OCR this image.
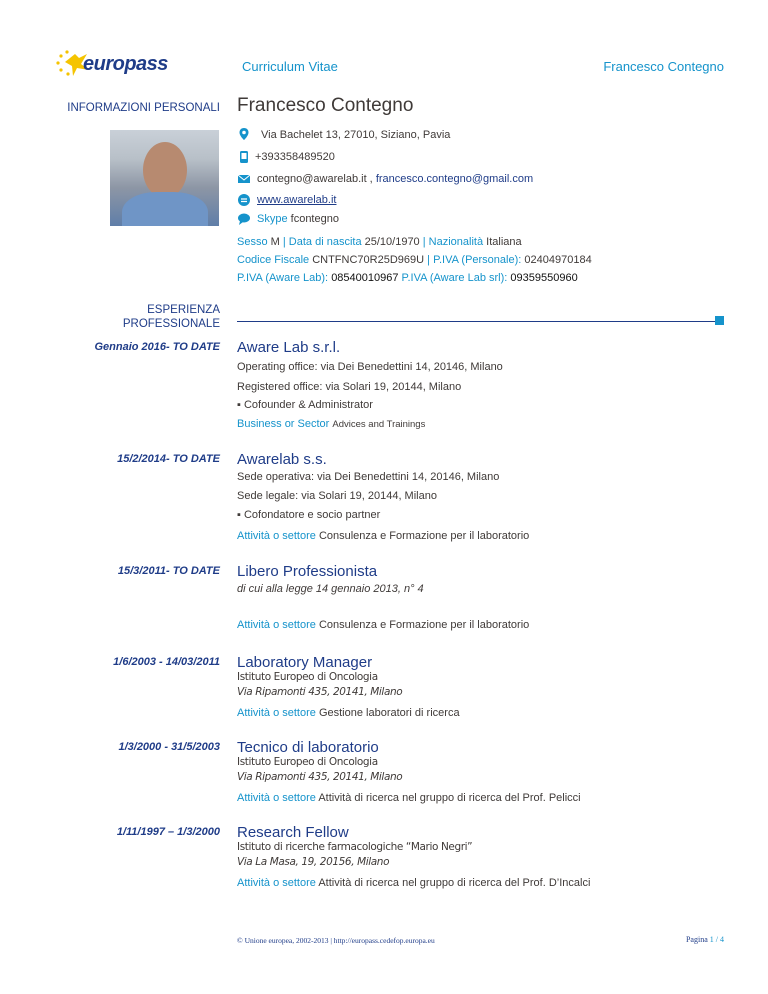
europass	Curriculum Vitae	Francesco Contegno
INFORMAZIONI PERSONALI Francesco Contegno
Via Bachelet 13, 27010, Siziano, Pavia
+393358489520
contegno@awarelab.it , francesco.contegno@gmail.com
www.awarelab.it
Skype fcontegno
Sesso M | Data di nascita 25/10/1970 | Nazionalità Italiana
Codice Fiscale CNTFNC70R25D969U | P.IVA (Personale): 02404970184
P.IVA (Aware Lab): 08540010967 P.IVA (Aware Lab srl): 09359550960
ESPERIENZA
PROFESSIONALE
Gennaio 2016- TO DATE Aware Lab s.r.l.
Operating office: via Dei Benedettini 14, 20146, Milano
Registered office: via Solari 19, 20144, Milano
▪ Cofounder & Administrator
Business or Sector Advices and Trainings
15/2/2014- TO DATE Awarelab s.s.
Sede operativa: via Dei Benedettini 14, 20146, Milano
Sede legale: via Solari 19, 20144, Milano
▪ Cofondatore e socio partner
Attività o settore Consulenza e Formazione per il laboratorio
15/3/2011- TO DATE Libero Professionista
di cui alla legge 14 gennaio 2013, n° 4
Attività o settore Consulenza e Formazione per il laboratorio
1/6/2003 - 14/03/2011 Laboratory Manager
Istituto Europeo di Oncologia
Via Ripamonti 435, 20141, Milano
Attività o settore Gestione laboratori di ricerca
1/3/2000 - 31/5/2003 Tecnico di laboratorio
Istituto Europeo di Oncologia
Via Ripamonti 435, 20141, Milano
Attività o settore Attività di ricerca nel gruppo di ricerca del Prof. Pelicci
1/11/1997 – 1/3/2000 Research Fellow
Istituto di ricerche farmacologiche “Mario Negri”
Via La Masa, 19, 20156, Milano
Attività o settore Attività di ricerca nel gruppo di ricerca del Prof. D’Incalci
© Unione europea, 2002-2013 | http://europass.cedefop.europa.eu	Pagina 1 / 4
